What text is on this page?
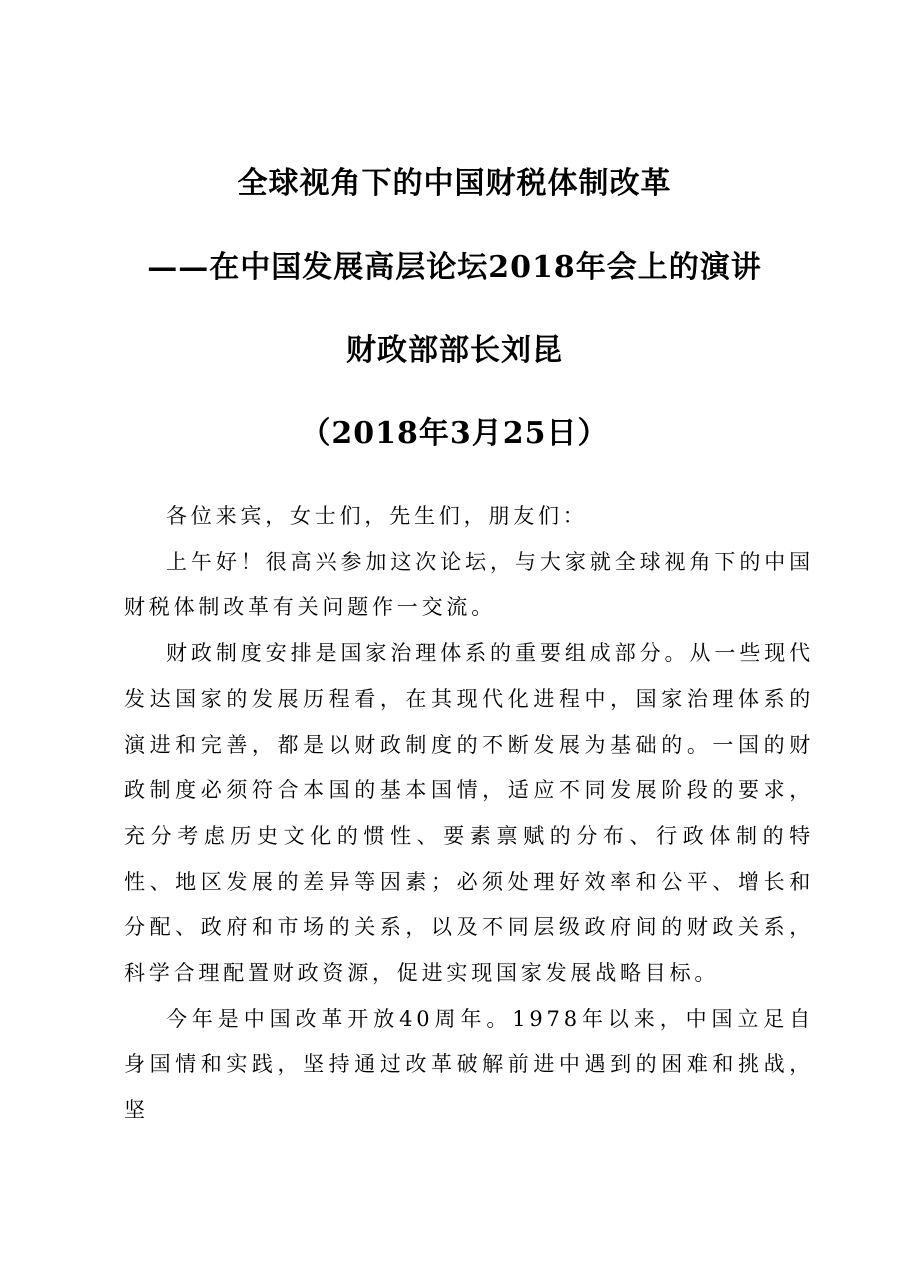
全球视角下的中国财税体制改革
——在中国发展高层论坛2018年会上的演讲
财政部部长刘昆
（2018年3月25日）

各位来宾，女士们，先生们，朋友们：

上午好！很高兴参加这次论坛，与大家就全球视角下的中国财税体制改革有关问题作一交流。

财政制度安排是国家治理体系的重要组成部分。从一些现代发达国家的发展历程看，在其现代化进程中，国家治理体系的演进和完善，都是以财政制度的不断发展为基础的。一国的财政制度必须符合本国的基本国情，适应不同发展阶段的要求，充分考虑历史文化的惯性、要素禀赋的分布、行政体制的特性、地区发展的差异等因素；必须处理好效率和公平、增长和分配、政府和市场的关系，以及不同层级政府间的财政关系，科学合理配置财政资源，促进实现国家发展战略目标。

今年是中国改革开放40周年。1978年以来，中国立足自身国情和实践，坚持通过改革破解前进中遇到的困难和挑战，坚
